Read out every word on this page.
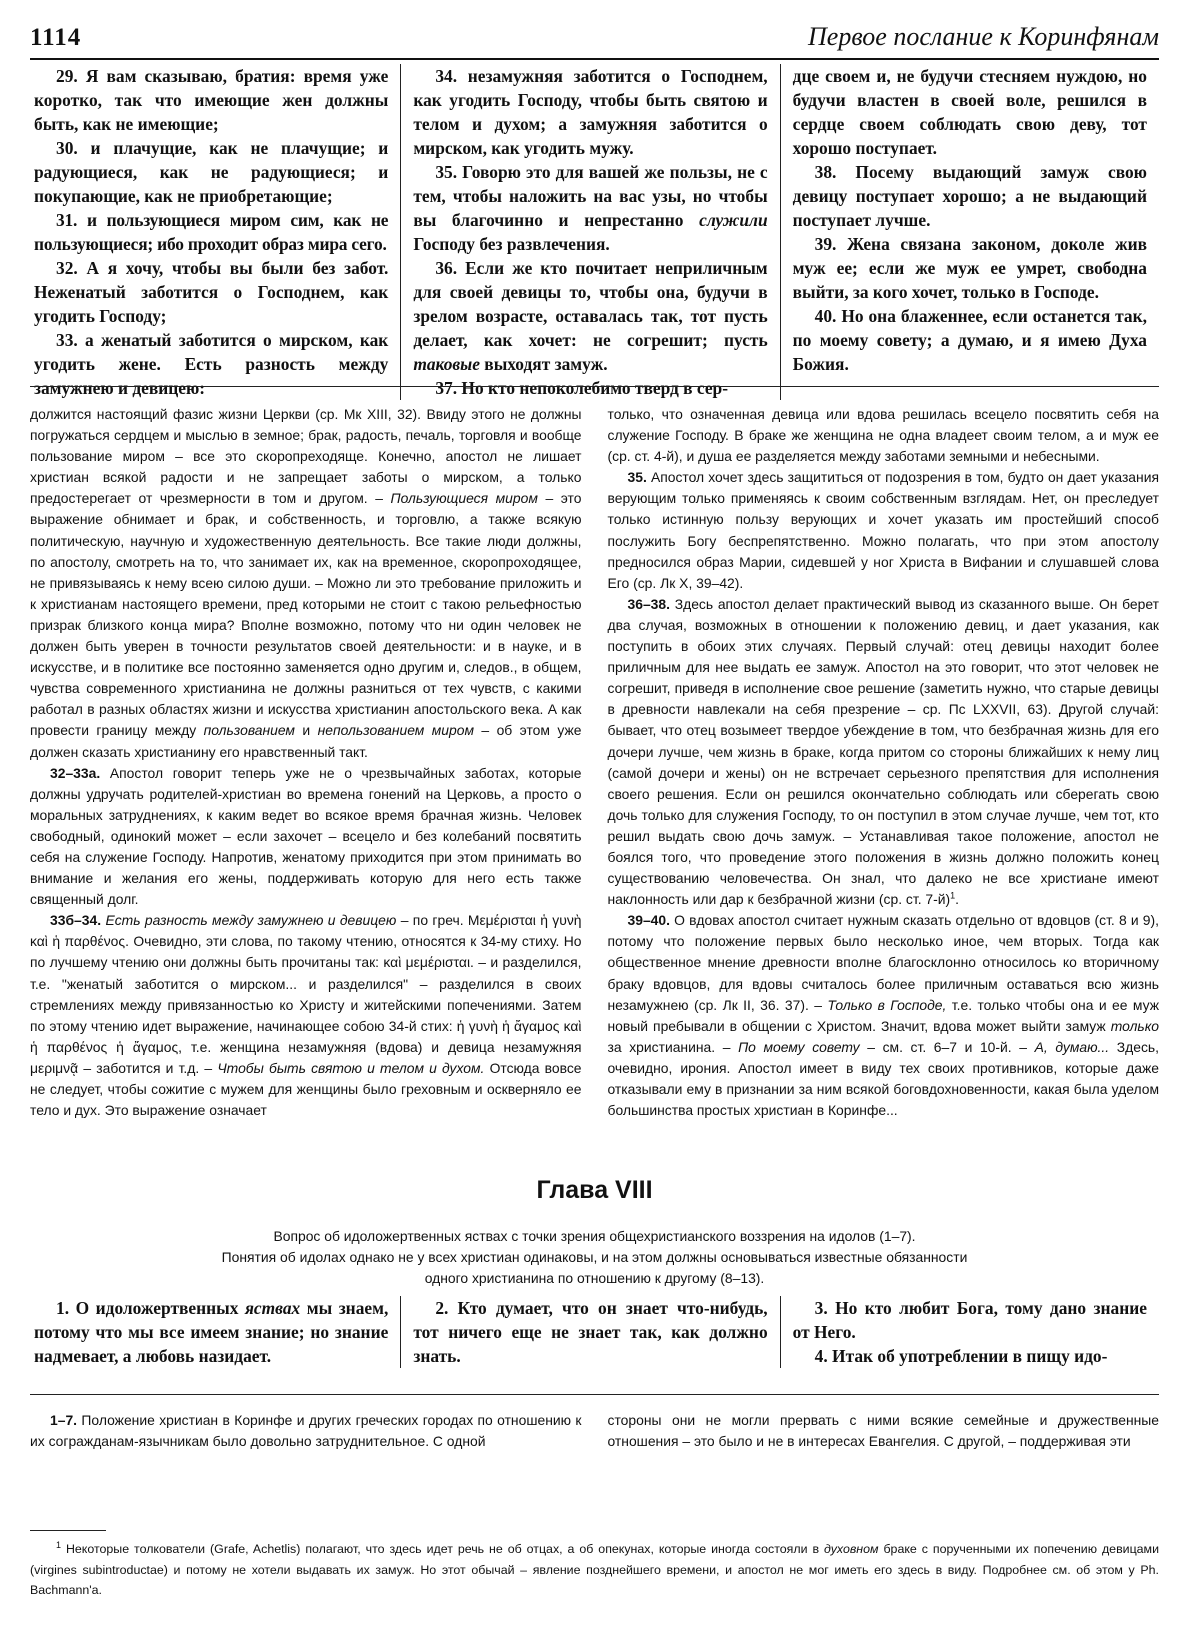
1114	Первое послание к Коринфянам

29. Я вам сказываю, братия: время уже коротко, так что имеющие жен должны быть, как не имеющие;

30. и плачущие, как не плачущие; и радующиеся, как не радующиеся; и покупающие, как не приобретающие;

31. и пользующиеся миром сим, как не пользующиеся; ибо проходит образ мира сего.

32. А я хочу, чтобы вы были без забот. Неженатый заботится о Господнем, как угодить Господу;

33. а женатый заботится о мирском, как угодить жене. Есть разность между замужнею и девицею:

34. незамужняя заботится о Господнем, как угодить Господу, чтобы быть святою и телом и духом; а замужняя заботится о мирском, как угодить мужу.

35. Говорю это для вашей же пользы, не с тем, чтобы наложить на вас узы, но чтобы вы благочинно и непрестанно служили Господу без развлечения.

36. Если же кто почитает неприличным для своей девицы то, чтобы она, будучи в зрелом возрасте, оставалась так, тот пусть делает, как хочет: не согрешит; пусть таковые выходят замуж.

37. Но кто непоколебимо тверд в сер-

дце своем и, не будучи стесняем нуждою, но будучи властен в своей воле, решился в сердце своем соблюдать свою деву, тот хорошо поступает.

38. Посему выдающий замуж свою девицу поступает хорошо; а не выдающий поступает лучше.

39. Жена связана законом, доколе жив муж ее; если же муж ее умрет, свободна выйти, за кого хочет, только в Господе.

40. Но она блаженнее, если останется так, по моему совету; а думаю, и я имею Духа Божия.

должится настоящий фазис жизни Церкви (ср. Мк XIII, 32). Ввиду этого не должны погружаться сердцем и мыслью в земное; брак, радость, печаль, торговля и вообще пользование миром – все это скоропреходяще. Конечно, апостол не лишает христиан всякой радости и не запрещает заботы о мирском, а только предостерегает от чрезмерности в том и другом. – Пользующиеся миром – это выражение обнимает и брак, и собственность, и торговлю, а также всякую политическую, научную и художественную деятельность. Все такие люди должны, по апостолу, смотреть на то, что занимает их, как на временное, скоропроходящее, не привязываясь к нему всею силою души. – Можно ли это требование приложить и к христианам настоящего времени, пред которыми не стоит с такою рельефностью призрак близкого конца мира? Вполне возможно, потому что ни один человек не должен быть уверен в точности результатов своей деятельности: и в науке, и в искусстве, и в политике все постоянно заменяется одно другим и, следов., в общем, чувства современного христианина не должны разниться от тех чувств, с какими работал в разных областях жизни и искусства христианин апостольского века. А как провести границу между пользованием и непользованием миром – об этом уже должен сказать христианину его нравственный такт.

32–33а. Апостол говорит теперь уже не о чрезвычайных заботах, которые должны удручать родителей-христиан во времена гонений на Церковь, а просто о моральных затруднениях, к каким ведет во всякое время брачная жизнь. Человек свободный, одинокий может – если захочет – всецело и без колебаний посвятить себя на служение Господу. Напротив, женатому приходится при этом принимать во внимание и желания его жены, поддерживать которую для него есть также священный долг.

33б–34. Есть разность между замужнею и девицею – по греч. Μεμέρισται ἡ γυνὴ καὶ ἡ παρθένος. Очевидно, эти слова, по такому чтению, относятся к 34-му стиху. Но по лучшему чтению они должны быть прочитаны так: καὶ μεμέρισται. – и разделился, т.е. "женатый заботится о мирском... и разделился" – разделился в своих стремлениях между привязанностью ко Христу и житейскими попечениями. Затем по этому чтению идет выражение, начинающее собою 34-й стих: ἡ γυνὴ ἡ ἄγαμος καὶ ἡ παρθένος ἡ ἄγαμος, т.е. женщина незамужняя (вдова) и девица незамужняя μεριμνᾷ – заботится и т.д. – Чтобы быть святою и телом и духом. Отсюда вовсе не следует, чтобы сожитие с мужем для женщины было греховным и оскверняло ее тело и дух. Это выражение означает

только, что означенная девица или вдова решилась всецело посвятить себя на служение Господу. В браке же женщина не одна владеет своим телом, а и муж ее (ср. ст. 4-й), и душа ее разделяется между заботами земными и небесными.

35. Апостол хочет здесь защититься от подозрения в том, будто он дает указания верующим только применяясь к своим собственным взглядам. Нет, он преследует только истинную пользу верующих и хочет указать им простейший способ послужить Богу беспрепятственно. Можно полагать, что при этом апостолу предносился образ Марии, сидевшей у ног Христа в Вифании и слушавшей слова Его (ср. Лк X, 39–42).

36–38. Здесь апостол делает практический вывод из сказанного выше. Он берет два случая, возможных в отношении к положению девиц, и дает указания, как поступить в обоих этих случаях. Первый случай: отец девицы находит более приличным для нее выдать ее замуж. Апостол на это говорит, что этот человек не согрешит, приведя в исполнение свое решение (заметить нужно, что старые девицы в древности навлекали на себя презрение – ср. Пс LXXVII, 63). Другой случай: бывает, что отец возымеет твердое убеждение в том, что безбрачная жизнь для его дочери лучше, чем жизнь в браке, когда притом со стороны ближайших к нему лиц (самой дочери и жены) он не встречает серьезного препятствия для исполнения своего решения. Если он решился окончательно соблюдать или сберегать свою дочь только для служения Господу, то он поступил в этом случае лучше, чем тот, кто решил выдать свою дочь замуж. – Устанавливая такое положение, апостол не боялся того, что проведение этого положения в жизнь должно положить конец существованию человечества. Он знал, что далеко не все христиане имеют наклонность или дар к безбрачной жизни (ср. ст. 7-й)$^1$.

39–40. О вдовах апостол считает нужным сказать отдельно от вдовцов (ст. 8 и 9), потому что положение первых было несколько иное, чем вторых. Тогда как общественное мнение древности вполне благосклонно относилось ко вторичному браку вдовцов, для вдовы считалось более приличным оставаться всю жизнь незамужнею (ср. Лк II, 36. 37). – Только в Господе, т.е. только чтобы она и ее муж новый пребывали в общении с Христом. Значит, вдова может выйти замуж только за христианина. – По моему совету – см. ст. 6–7 и 10-й. – А, думаю... Здесь, очевидно, ирония. Апостол имеет в виду тех своих противников, которые даже отказывали ему в признании за ним всякой боговдохновенности, какая была уделом большинства простых христиан в Коринфе...

Глава VIII
Вопрос об идоложертвенных яствах с точки зрения общехристианского воззрения на идолов (1–7).
Понятия об идолах однако не у всех христиан одинаковы, и на этом должны основываться известные обязанности одного христианина по отношению к другому (8–13).

1. О идоложертвенных яствах мы знаем, потому что мы все имеем знание; но знание надмевает, а любовь назидает.

2. Кто думает, что он знает что-нибудь, тот ничего еще не знает так, как должно знать.

3. Но кто любит Бога, тому дано знание от Него.

4. Итак об употреблении в пищу идо-

1–7. Положение христиан в Коринфе и других греческих городах по отношению к их согражданам-язычникам было довольно затруднительное. С одной

стороны они не могли прервать с ними всякие семейные и дружественные отношения – это было и не в интересах Евангелия. С другой, – поддерживая эти

$^1$ Некоторые толкователи (Grafe, Achetlis) полагают, что здесь идет речь не об отцах, а об опекунах, которые иногда состояли в духовном браке с порученными их попечению девицами (virgines subintroductae) и потому не хотели выдавать их замуж. Но этот обычай – явление позднейшего времени, и апостол не мог иметь его здесь в виду. Подробнее см. об этом у Ph. Bachmann'a.
